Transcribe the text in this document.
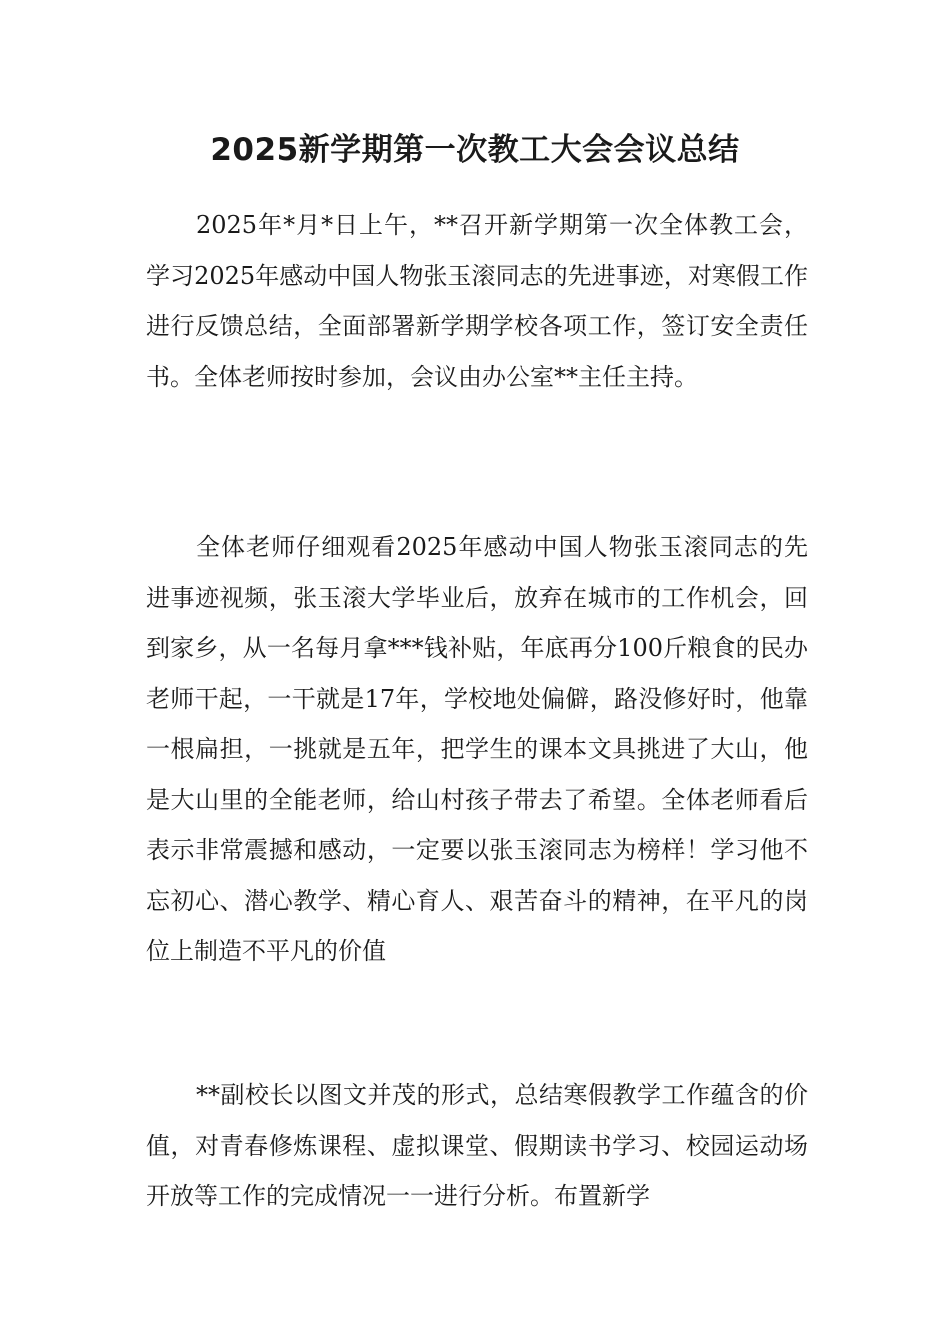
2025新学期第一次教工大会会议总结

2025年*月*日上午，**召开新学期第一次全体教工会，学习2025年感动中国人物张玉滚同志的先进事迹，对寒假工作进行反馈总结，全面部署新学期学校各项工作，签订安全责任书。全体老师按时参加，会议由办公室**主任主持。

全体老师仔细观看2025年感动中国人物张玉滚同志的先进事迹视频，张玉滚大学毕业后，放弃在城市的工作机会，回到家乡，从一名每月拿***钱补贴，年底再分100斤粮食的民办老师干起，一干就是17年，学校地处偏僻，路没修好时，他靠一根扁担，一挑就是五年，把学生的课本文具挑进了大山，他是大山里的全能老师，给山村孩子带去了希望。全体老师看后表示非常震撼和感动，一定要以张玉滚同志为榜样！学习他不忘初心、潜心教学、精心育人、艰苦奋斗的精神，在平凡的岗位上制造不平凡的价值

**副校长以图文并茂的形式，总结寒假教学工作蕴含的价值，对青春修炼课程、虚拟课堂、假期读书学习、校园运动场开放等工作的完成情况一一进行分析。布置新学
